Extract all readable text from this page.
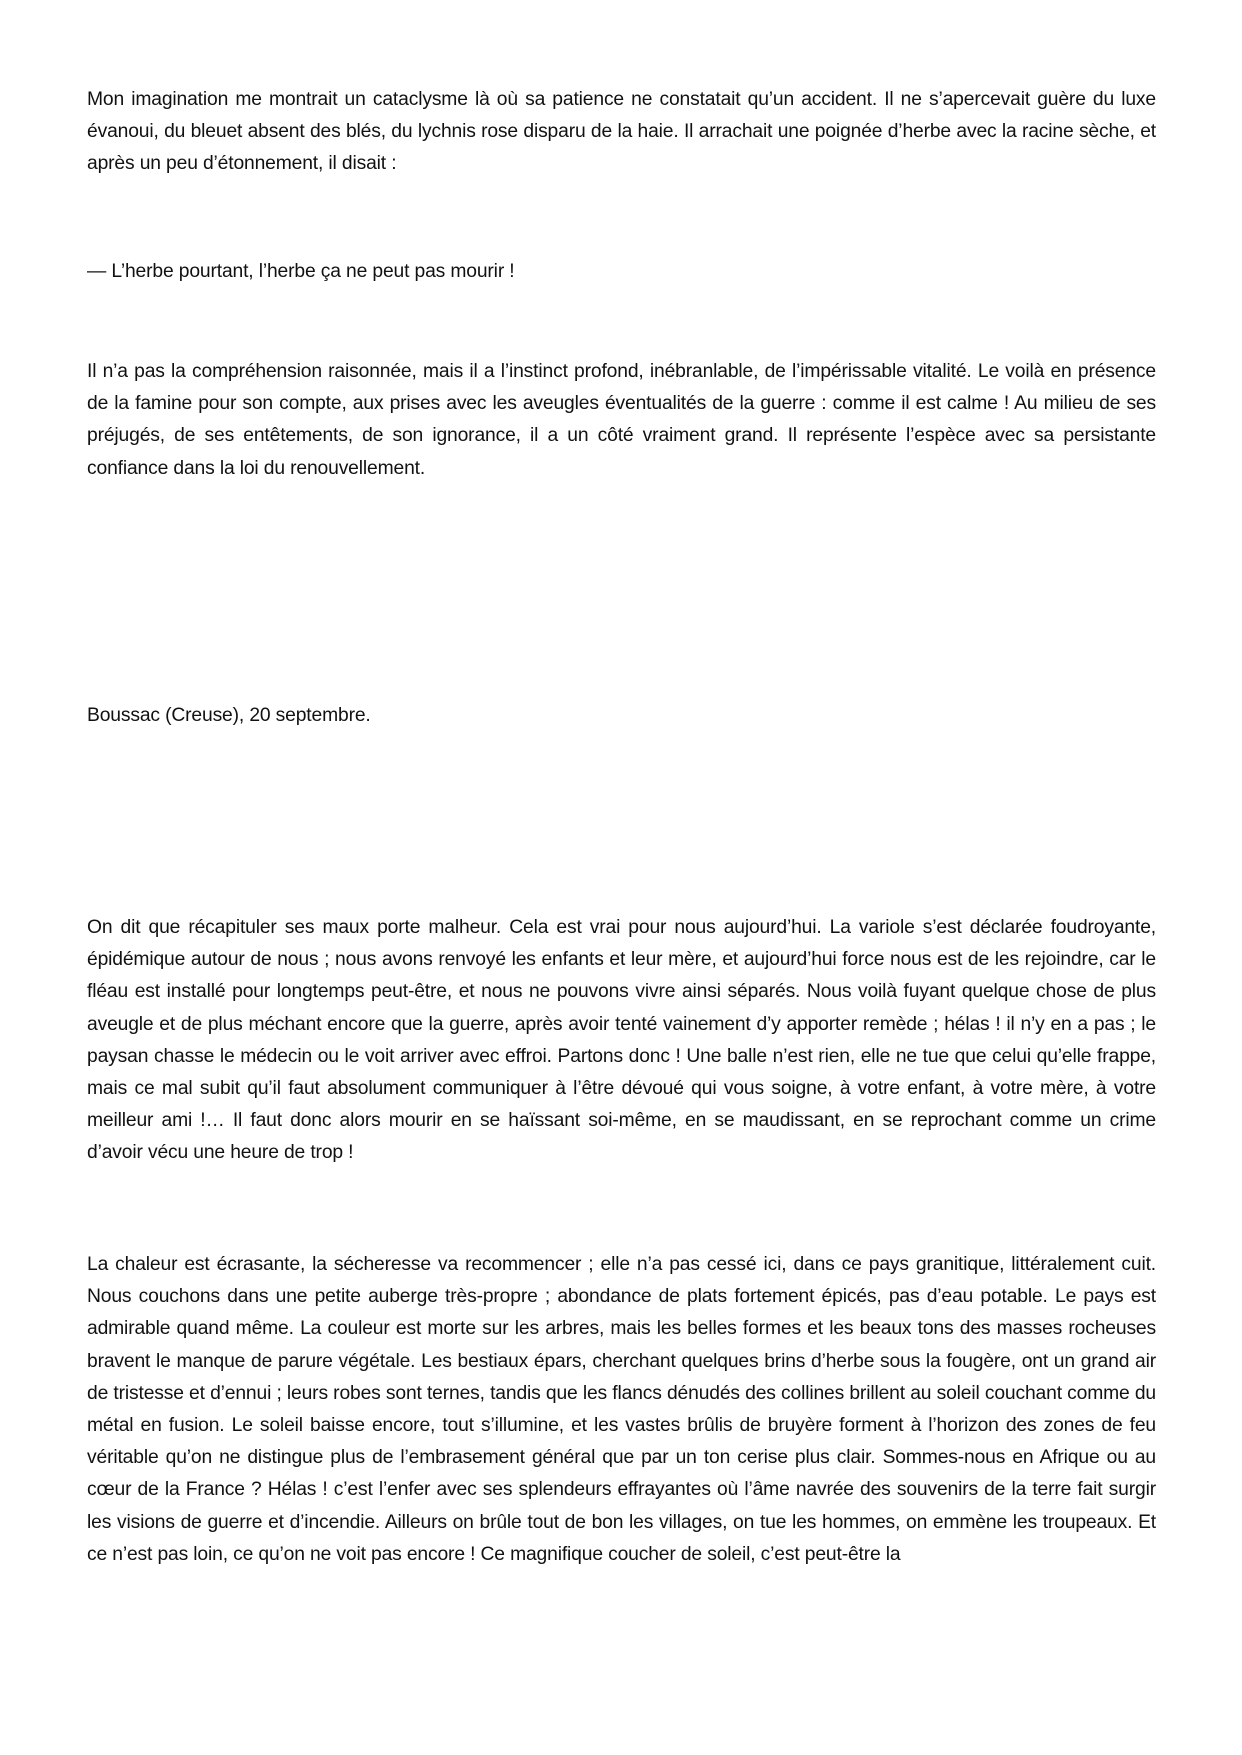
Mon imagination me montrait un cataclysme là où sa patience ne constatait qu’un accident. Il ne s’apercevait guère du luxe évanoui, du bleuet absent des blés, du lychnis rose disparu de la haie. Il arrachait une poignée d’herbe avec la racine sèche, et après un peu d’étonnement, il disait :

— L’herbe pourtant, l’herbe ça ne peut pas mourir !

Il n’a pas la compréhension raisonnée, mais il a l’instinct profond, inébranlable, de l’impérissable vitalité. Le voilà en présence de la famine pour son compte, aux prises avec les aveugles éventualités de la guerre : comme il est calme ! Au milieu de ses préjugés, de ses entêtements, de son ignorance, il a un côté vraiment grand. Il représente l’espèce avec sa persistante confiance dans la loi du renouvellement.

Boussac (Creuse), 20 septembre.

On dit que récapituler ses maux porte malheur. Cela est vrai pour nous aujourd’hui. La variole s’est déclarée foudroyante, épidémique autour de nous ; nous avons renvoyé les enfants et leur mère, et aujourd’hui force nous est de les rejoindre, car le fléau est installé pour longtemps peut-être, et nous ne pouvons vivre ainsi séparés. Nous voilà fuyant quelque chose de plus aveugle et de plus méchant encore que la guerre, après avoir tenté vainement d’y apporter remède ; hélas ! il n’y en a pas ; le paysan chasse le médecin ou le voit arriver avec effroi. Partons donc ! Une balle n’est rien, elle ne tue que celui qu’elle frappe, mais ce mal subit qu’il faut absolument communiquer à l’être dévoué qui vous soigne, à votre enfant, à votre mère, à votre meilleur ami !… Il faut donc alors mourir en se haïssant soi-même, en se maudissant, en se reprochant comme un crime d’avoir vécu une heure de trop !

La chaleur est écrasante, la sécheresse va recommencer ; elle n’a pas cessé ici, dans ce pays granitique, littéralement cuit. Nous couchons dans une petite auberge très-propre ; abondance de plats fortement épicés, pas d’eau potable. Le pays est admirable quand même. La couleur est morte sur les arbres, mais les belles formes et les beaux tons des masses rocheuses bravent le manque de parure végétale. Les bestiaux épars, cherchant quelques brins d’herbe sous la fougère, ont un grand air de tristesse et d’ennui ; leurs robes sont ternes, tandis que les flancs dénudés des collines brillent au soleil couchant comme du métal en fusion. Le soleil baisse encore, tout s’illumine, et les vastes brûlis de bruyère forment à l’horizon des zones de feu véritable qu’on ne distingue plus de l’embrasement général que par un ton cerise plus clair. Sommes-nous en Afrique ou au cœur de la France ? Hélas ! c’est l’enfer avec ses splendeurs effrayantes où l’âme navrée des souvenirs de la terre fait surgir les visions de guerre et d’incendie. Ailleurs on brûle tout de bon les villages, on tue les hommes, on emmène les troupeaux. Et ce n’est pas loin, ce qu’on ne voit pas encore ! Ce magnifique coucher de soleil, c’est peut-être la
